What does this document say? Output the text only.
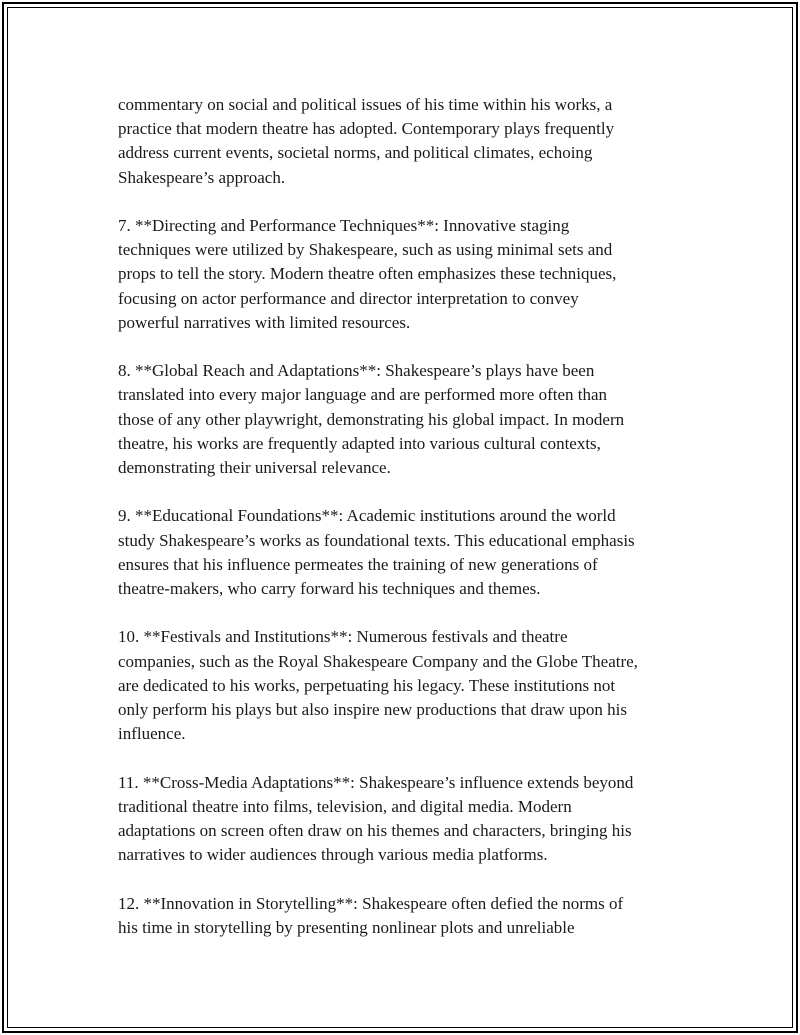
commentary on social and political issues of his time within his works, a
practice that modern theatre has adopted. Contemporary plays frequently
address current events, societal norms, and political climates, echoing
Shakespeare’s approach.

7. **Directing and Performance Techniques**: Innovative staging
techniques were utilized by Shakespeare, such as using minimal sets and
props to tell the story. Modern theatre often emphasizes these techniques,
focusing on actor performance and director interpretation to convey
powerful narratives with limited resources.

8. **Global Reach and Adaptations**: Shakespeare’s plays have been
translated into every major language and are performed more often than
those of any other playwright, demonstrating his global impact. In modern
theatre, his works are frequently adapted into various cultural contexts,
demonstrating their universal relevance.

9. **Educational Foundations**: Academic institutions around the world
study Shakespeare’s works as foundational texts. This educational emphasis
ensures that his influence permeates the training of new generations of
theatre-makers, who carry forward his techniques and themes.

10. **Festivals and Institutions**: Numerous festivals and theatre
companies, such as the Royal Shakespeare Company and the Globe Theatre,
are dedicated to his works, perpetuating his legacy. These institutions not
only perform his plays but also inspire new productions that draw upon his
influence.

11. **Cross-Media Adaptations**: Shakespeare’s influence extends beyond
traditional theatre into films, television, and digital media. Modern
adaptations on screen often draw on his themes and characters, bringing his
narratives to wider audiences through various media platforms.

12. **Innovation in Storytelling**: Shakespeare often defied the norms of
his time in storytelling by presenting nonlinear plots and unreliable
